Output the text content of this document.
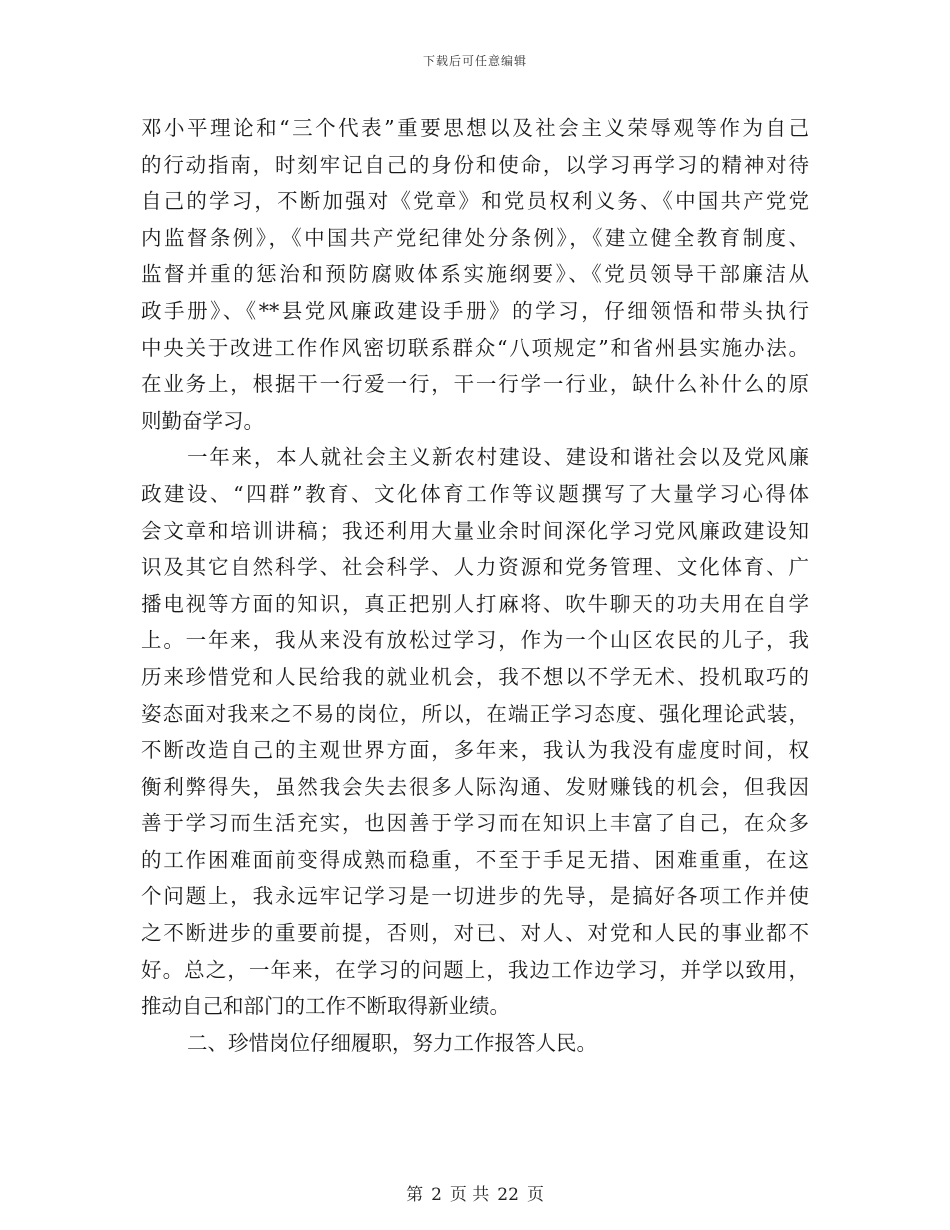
下载后可任意编辑
邓小平理论和“三个代表”重要思想以及社会主义荣辱观等作为自己
的行动指南，时刻牢记自己的身份和使命，以学习再学习的精神对待
自己的学习，不断加强对《党章》和党员权利义务、《中国共产党党
内监督条例》，《中国共产党纪律处分条例》，《建立健全教育制度、
监督并重的惩治和预防腐败体系实施纲要》、《党员领导干部廉洁从
政手册》、《**县党风廉政建设手册》的学习，仔细领悟和带头执行
中央关于改进工作作风密切联系群众“八项规定”和省州县实施办法。
在业务上，根据干一行爱一行，干一行学一行业，缺什么补什么的原
则勤奋学习。
一年来，本人就社会主义新农村建设、建设和谐社会以及党风廉
政建设、“四群”教育、文化体育工作等议题撰写了大量学习心得体
会文章和培训讲稿；我还利用大量业余时间深化学习党风廉政建设知
识及其它自然科学、社会科学、人力资源和党务管理、文化体育、广
播电视等方面的知识，真正把别人打麻将、吹牛聊天的功夫用在自学
上。一年来，我从来没有放松过学习，作为一个山区农民的儿子，我
历来珍惜党和人民给我的就业机会，我不想以不学无术、投机取巧的
姿态面对我来之不易的岗位，所以，在端正学习态度、强化理论武装，
不断改造自己的主观世界方面，多年来，我认为我没有虚度时间，权
衡利弊得失，虽然我会失去很多人际沟通、发财赚钱的机会，但我因
善于学习而生活充实，也因善于学习而在知识上丰富了自己，在众多
的工作困难面前变得成熟而稳重，不至于手足无措、困难重重，在这
个问题上，我永远牢记学习是一切进步的先导，是搞好各项工作并使
之不断进步的重要前提，否则，对已、对人、对党和人民的事业都不
好。总之，一年来，在学习的问题上，我边工作边学习，并学以致用，
推动自己和部门的工作不断取得新业绩。
二、珍惜岗位仔细履职，努力工作报答人民。
第 2 页 共 22 页
